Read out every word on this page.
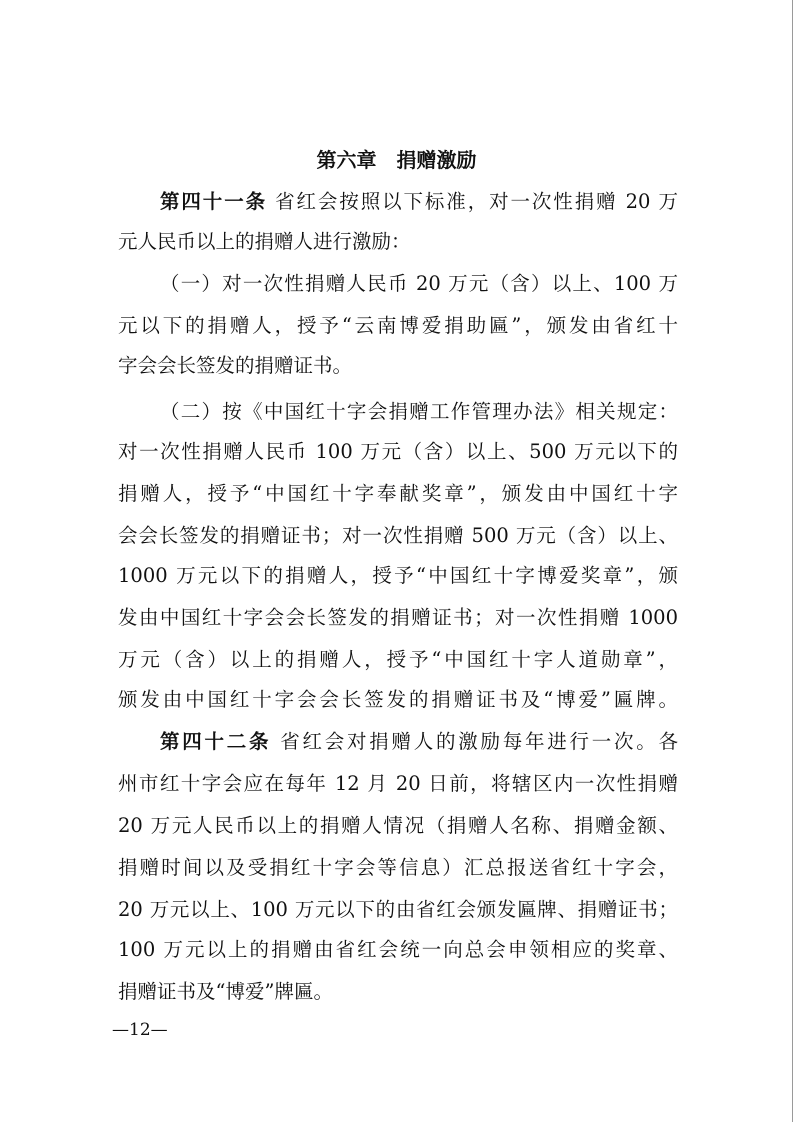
第六章　捐赠激励
第四十一条 省红会按照以下标准，对一次性捐赠 20 万
元人民币以上的捐赠人进行激励：
（一）对一次性捐赠人民币 20 万元（含）以上、100 万
元以下的捐赠人，授予“云南博爱捐助匾”，颁发由省红十
字会会长签发的捐赠证书。
（二）按《中国红十字会捐赠工作管理办法》相关规定：
对一次性捐赠人民币 100 万元（含）以上、500 万元以下的
捐赠人，授予“中国红十字奉献奖章”，颁发由中国红十字
会会长签发的捐赠证书；对一次性捐赠 500 万元（含）以上、
1000 万元以下的捐赠人，授予“中国红十字博爱奖章”，颁
发由中国红十字会会长签发的捐赠证书；对一次性捐赠 1000
万元（含）以上的捐赠人，授予“中国红十字人道勋章”，
颁发由中国红十字会会长签发的捐赠证书及“博爱”匾牌。
第四十二条 省红会对捐赠人的激励每年进行一次。各
州市红十字会应在每年 12 月 20 日前，将辖区内一次性捐赠
20 万元人民币以上的捐赠人情况（捐赠人名称、捐赠金额、
捐赠时间以及受捐红十字会等信息）汇总报送省红十字会，
20 万元以上、100 万元以下的由省红会颁发匾牌、捐赠证书；
100 万元以上的捐赠由省红会统一向总会申领相应的奖章、
捐赠证书及“博爱”牌匾。
—12—
